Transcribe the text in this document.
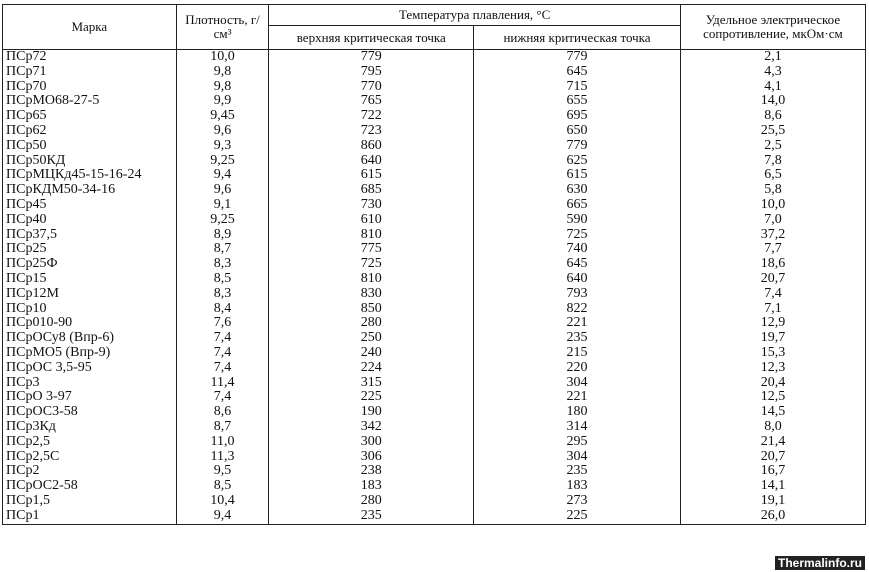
Марка	Плотность, г/см³	Температура плавления, °С		Удельное электрическое сопротивление, мкОм·см
		верхняя критическая точка	нижняя критическая точка	
ПСр72	10,0	779	779	2,1
ПСр71	9,8	795	645	4,3
ПСр70	9,8	770	715	4,1
ПСрМО68-27-5	9,9	765	655	14,0
ПСр65	9,45	722	695	8,6
ПСр62	9,6	723	650	25,5
ПСр50	9,3	860	779	2,5
ПСр50КД	9,25	640	625	7,8
ПСрМЦКд45-15-16-24	9,4	615	615	6,5
ПСрКДМ50-34-16	9,6	685	630	5,8
ПСр45	9,1	730	665	10,0
ПСр40	9,25	610	590	7,0
ПСр37,5	8,9	810	725	37,2
ПСр25	8,7	775	740	7,7
ПСр25Ф	8,3	725	645	18,6
ПСр15	8,5	810	640	20,7
ПСр12М	8,3	830	793	7,4
ПСр10	8,4	850	822	7,1
ПСр010-90	7,6	280	221	12,9
ПСрОСу8 (Впр-6)	7,4	250	235	19,7
ПСрМО5 (Впр-9)	7,4	240	215	15,3
ПСрОС 3,5-95	7,4	224	220	12,3
ПСр3	11,4	315	304	20,4
ПСрО 3-97	7,4	225	221	12,5
ПСрОС3-58	8,6	190	180	14,5
ПСр3Кд	8,7	342	314	8,0
ПСр2,5	11,0	300	295	21,4
ПСр2,5С	11,3	306	304	20,7
ПСр2	9,5	238	235	16,7
ПСрОС2-58	8,5	183	183	14,1
ПСр1,5	10,4	280	273	19,1
ПСр1	9,4	235	225	26,0
Thermalinfo.ru
